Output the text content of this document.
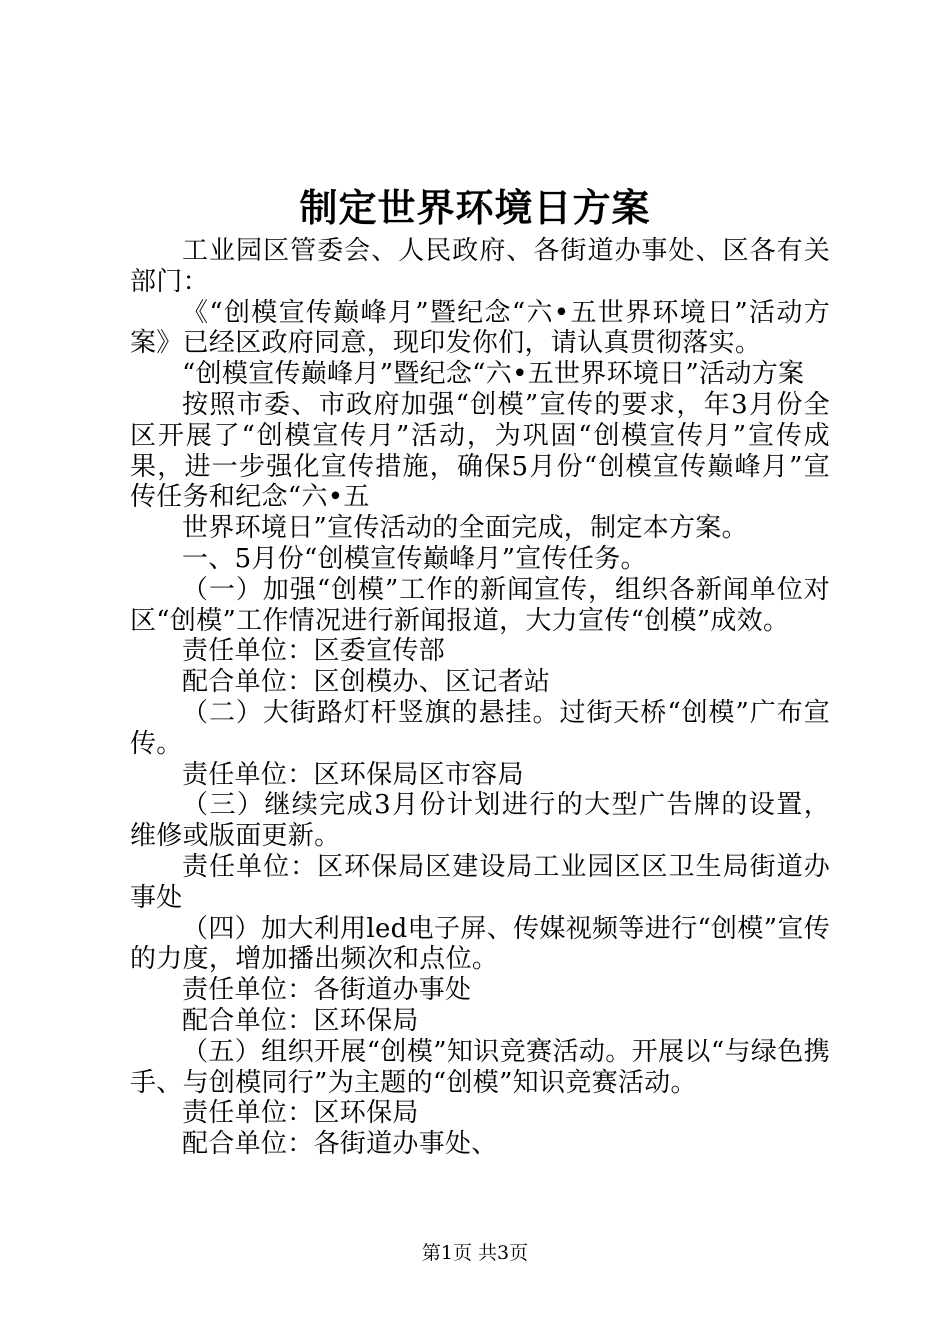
制定世界环境日方案

工业园区管委会、人民政府、各街道办事处、区各有关部门：

《“创模宣传巅峰月”暨纪念“六•五世界环境日”活动方案》已经区政府同意，现印发你们，请认真贯彻落实。

“创模宣传巅峰月”暨纪念“六•五世界环境日”活动方案

按照市委、市政府加强“创模”宣传的要求，年3月份全区开展了“创模宣传月”活动，为巩固“创模宣传月”宣传成果，进一步强化宣传措施，确保5月份“创模宣传巅峰月”宣传任务和纪念“六•五

世界环境日”宣传活动的全面完成，制定本方案。

一、5月份“创模宣传巅峰月”宣传任务。

（一）加强“创模”工作的新闻宣传，组织各新闻单位对区“创模”工作情况进行新闻报道，大力宣传“创模”成效。

责任单位：区委宣传部

配合单位：区创模办、区记者站

（二）大街路灯杆竖旗的悬挂。过街天桥“创模”广布宣传。

责任单位：区环保局区市容局

（三）继续完成3月份计划进行的大型广告牌的设置，维修或版面更新。

责任单位：区环保局区建设局工业园区区卫生局街道办事处

（四）加大利用led电子屏、传媒视频等进行“创模”宣传的力度，增加播出频次和点位。

责任单位：各街道办事处

配合单位：区环保局

（五）组织开展“创模”知识竞赛活动。开展以“与绿色携手、与创模同行”为主题的“创模”知识竞赛活动。

责任单位：区环保局

配合单位：各街道办事处、

第1页 共3页
